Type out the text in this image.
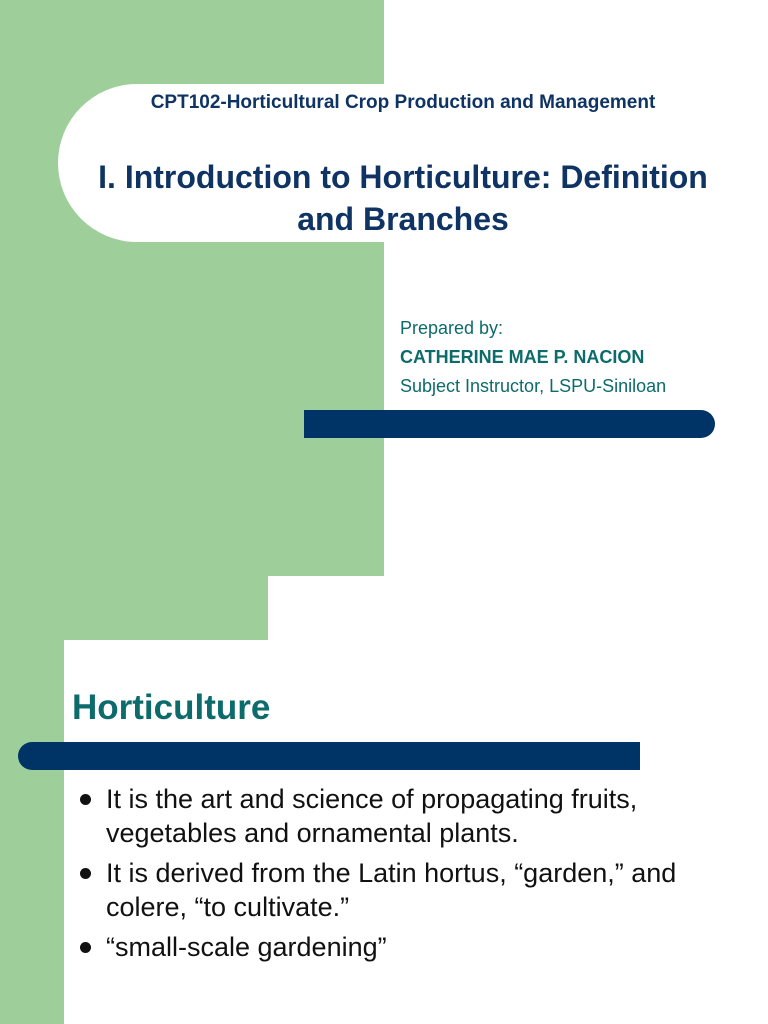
CPT102-Horticultural Crop Production and Management
I. Introduction to Horticulture: Definition
and Branches
Prepared by:
CATHERINE MAE P. NACION
Subject Instructor, LSPU-Siniloan
Horticulture
It is the art and science of propagating fruits, vegetables and ornamental plants.
It is derived from the Latin hortus, “garden,” and colere, “to cultivate.”
“small-scale gardening”
